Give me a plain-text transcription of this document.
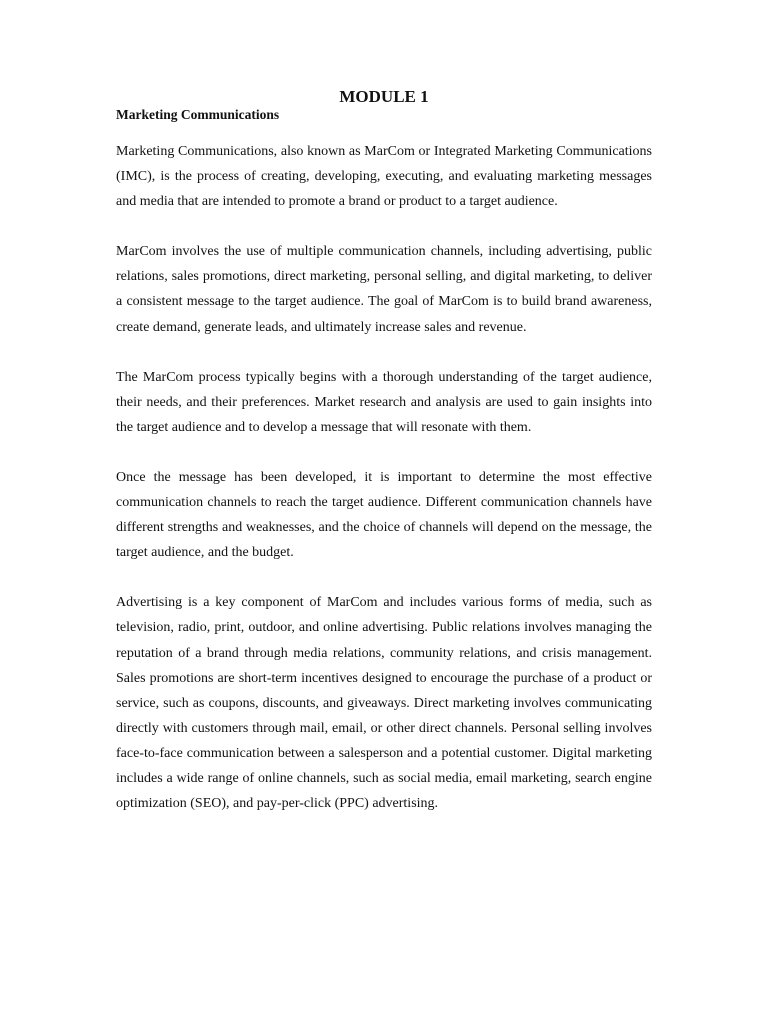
MODULE 1
Marketing Communications

Marketing Communications, also known as MarCom or Integrated Marketing Communications (IMC), is the process of creating, developing, executing, and evaluating marketing messages and media that are intended to promote a brand or product to a target audience.

MarCom involves the use of multiple communication channels, including advertising, public relations, sales promotions, direct marketing, personal selling, and digital marketing, to deliver a consistent message to the target audience. The goal of MarCom is to build brand awareness, create demand, generate leads, and ultimately increase sales and revenue.

The MarCom process typically begins with a thorough understanding of the target audience, their needs, and their preferences. Market research and analysis are used to gain insights into the target audience and to develop a message that will resonate with them.

Once the message has been developed, it is important to determine the most effective communication channels to reach the target audience. Different communication channels have different strengths and weaknesses, and the choice of channels will depend on the message, the target audience, and the budget.

Advertising is a key component of MarCom and includes various forms of media, such as television, radio, print, outdoor, and online advertising. Public relations involves managing the reputation of a brand through media relations, community relations, and crisis management. Sales promotions are short-term incentives designed to encourage the purchase of a product or service, such as coupons, discounts, and giveaways. Direct marketing involves communicating directly with customers through mail, email, or other direct channels. Personal selling involves face-to-face communication between a salesperson and a potential customer. Digital marketing includes a wide range of online channels, such as social media, email marketing, search engine optimization (SEO), and pay-per-click (PPC) advertising.
